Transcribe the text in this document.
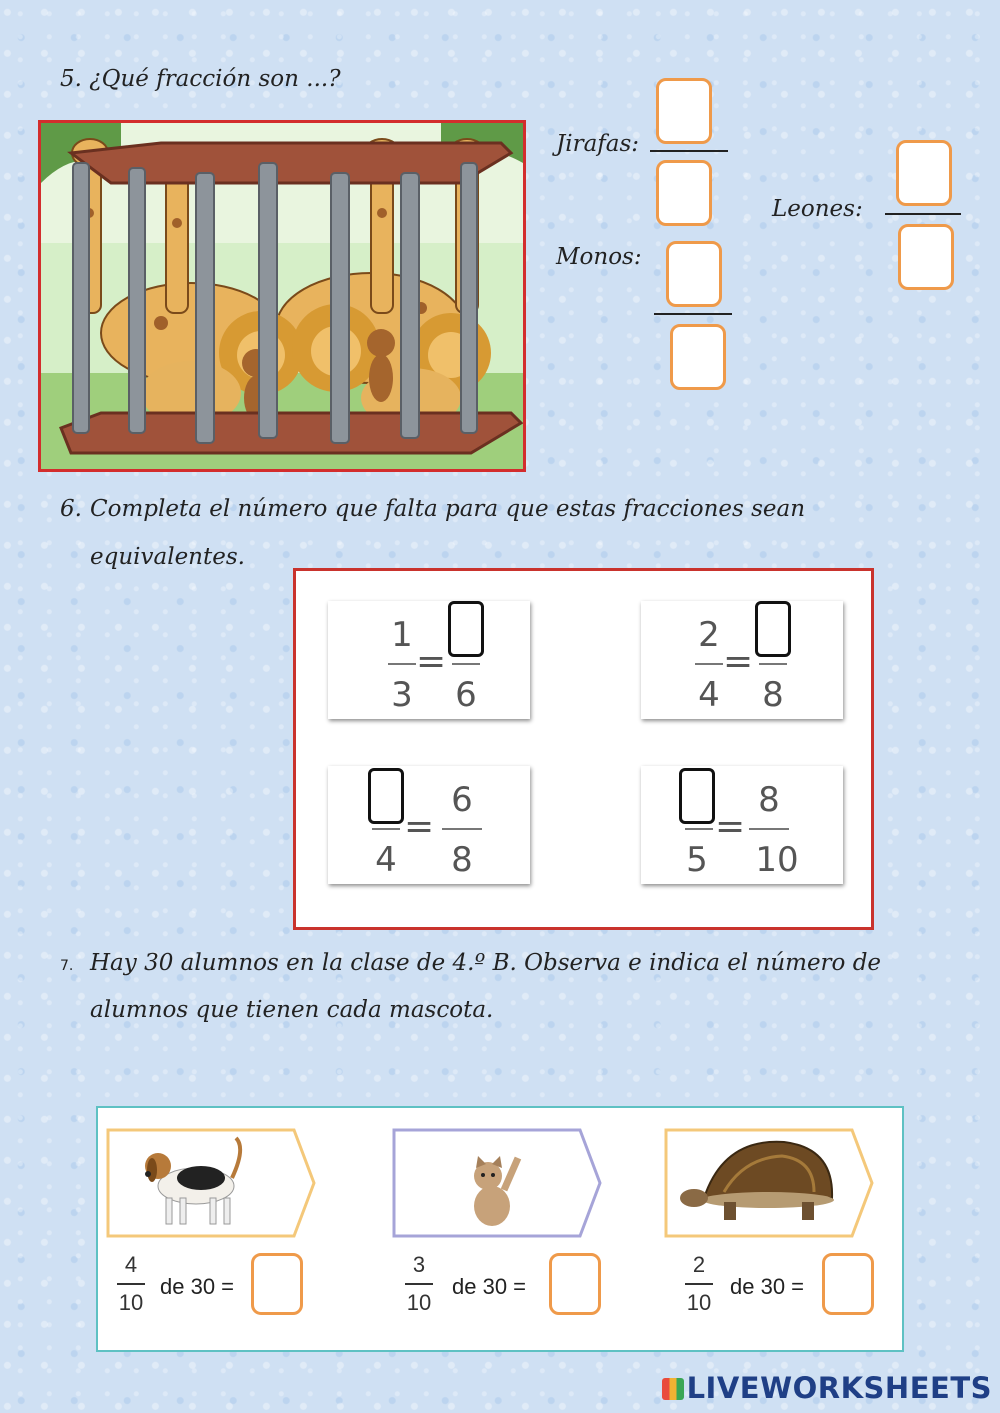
5. ¿Qué fracción son ...?
Jirafas:
Monos:
Leones:
6. Completa el número que falta para que estas fracciones sean
equivalentes.
1
3
=
6
2
4
=
8
4
=
6
8	5
=
8
10
7. Hay 30 alumnos en la clase de 4.º B. Observa e indica el número de
alumnos que tienen cada mascota.
4
10
de 30 =
3
10
de 30 =
2
10
de 30 =
LIVEWORKSHEETS
